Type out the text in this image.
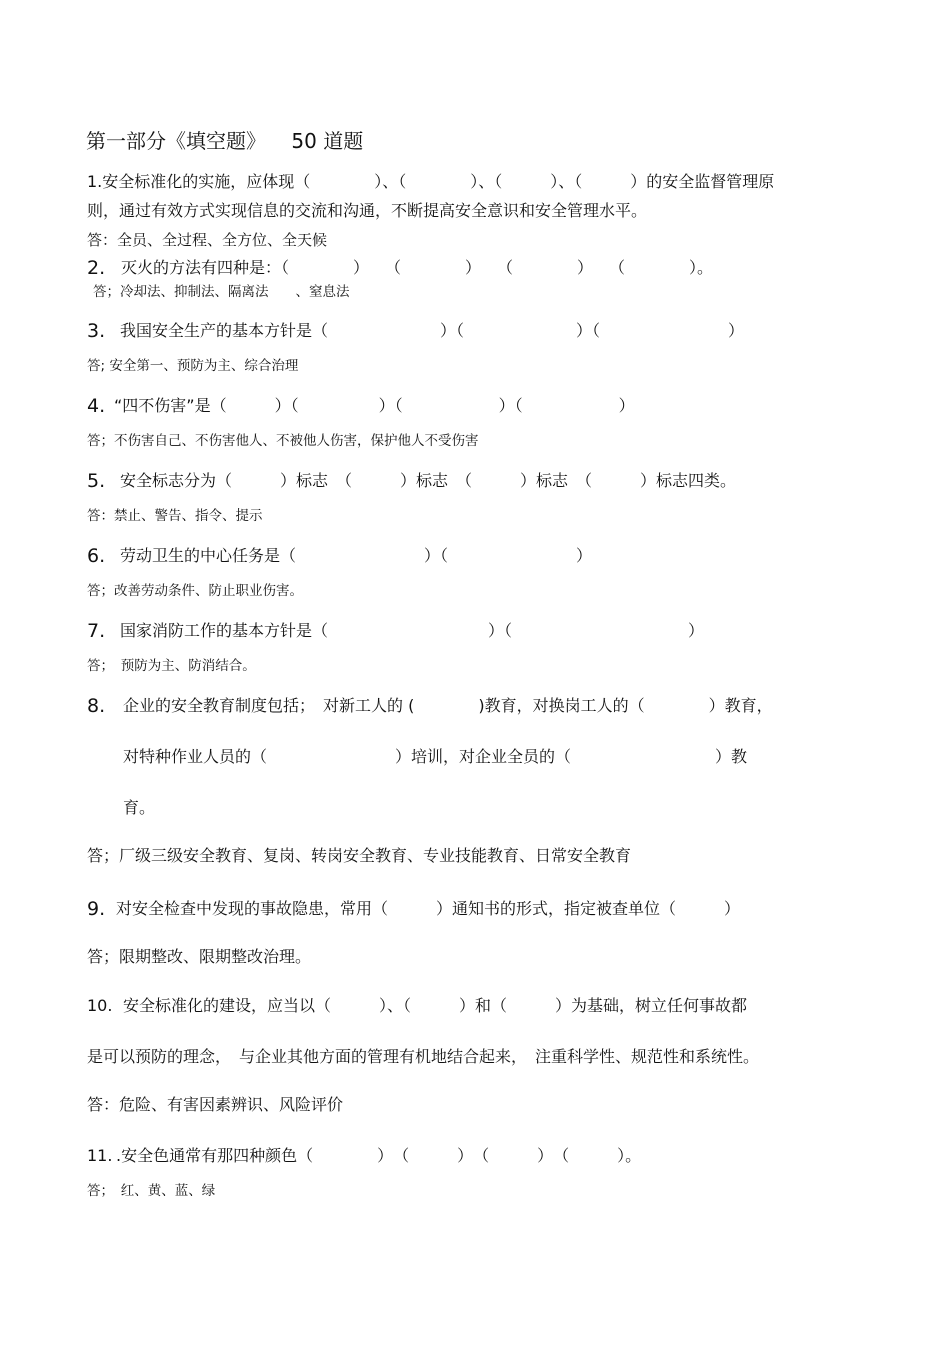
第一部分《填空题》    50 道题
1.安全标准化的实施，应体现（　　　　）、（　　　　）、（　　　）、（　　　）的安全监督管理原
则，通过有效方式实现信息的交流和沟通，不断提高安全意识和安全管理水平。
答：全员、全过程、全方位、全天候
2. 灭火的方法有四种是：（　　　　）　　（　　　　）　　（　　　　）　　（　　　　）。
答；冷却法、抑制法、隔离法　　、窒息法
3. 我国安全生产的基本方针是（　　　　　　　）（　　　　　　　）（　　　　　　　　）
答; 安全第一、预防为主、综合治理
4. “四不伤害”是（　　　）（　　　　　）（　　　　　　）（　　　　　　）
答；不伤害自己、不伤害他人、不被他人伤害，保护他人不受伤害
5. 安全标志分为（　　　）标志　（　　　）标志　（　　　）标志　（　　　）标志四类。
答：禁止、警告、指令、提示
6. 劳动卫生的中心任务是（　　　　　　　　）（　　　　　　　　）
答；改善劳动条件、防止职业伤害。
7. 国家消防工作的基本方针是（　　　　　　　　　　）（　　　　　　　　　　　）
答；　预防为主、防消结合。
8. 企业的安全教育制度包括；　对新工人的 (　　　　)教育，对换岗工人的（　　　　）教育，
对特种作业人员的（　　　　　　　　）培训，对企业全员的（　　　　　　　　　）教
育。
答；厂级三级安全教育、复岗、转岗安全教育、专业技能教育、日常安全教育
9. 对安全检查中发现的事故隐患，常用（　　　）通知书的形式，指定被查单位（　　　）
答；限期整改、限期整改治理。
10. 安全标准化的建设，应当以（　　　）、（　　　）和（　　　）为基础，树立任何事故都
是可以预防的理念，　与企业其他方面的管理有机地结合起来，　注重科学性、规范性和系统性。
答：危险、有害因素辨识、风险评价
11. .安全色通常有那四种颜色（　　　　）　（　　　）　（　　　）　（　　　）。
答；　红、黄、蓝、绿
